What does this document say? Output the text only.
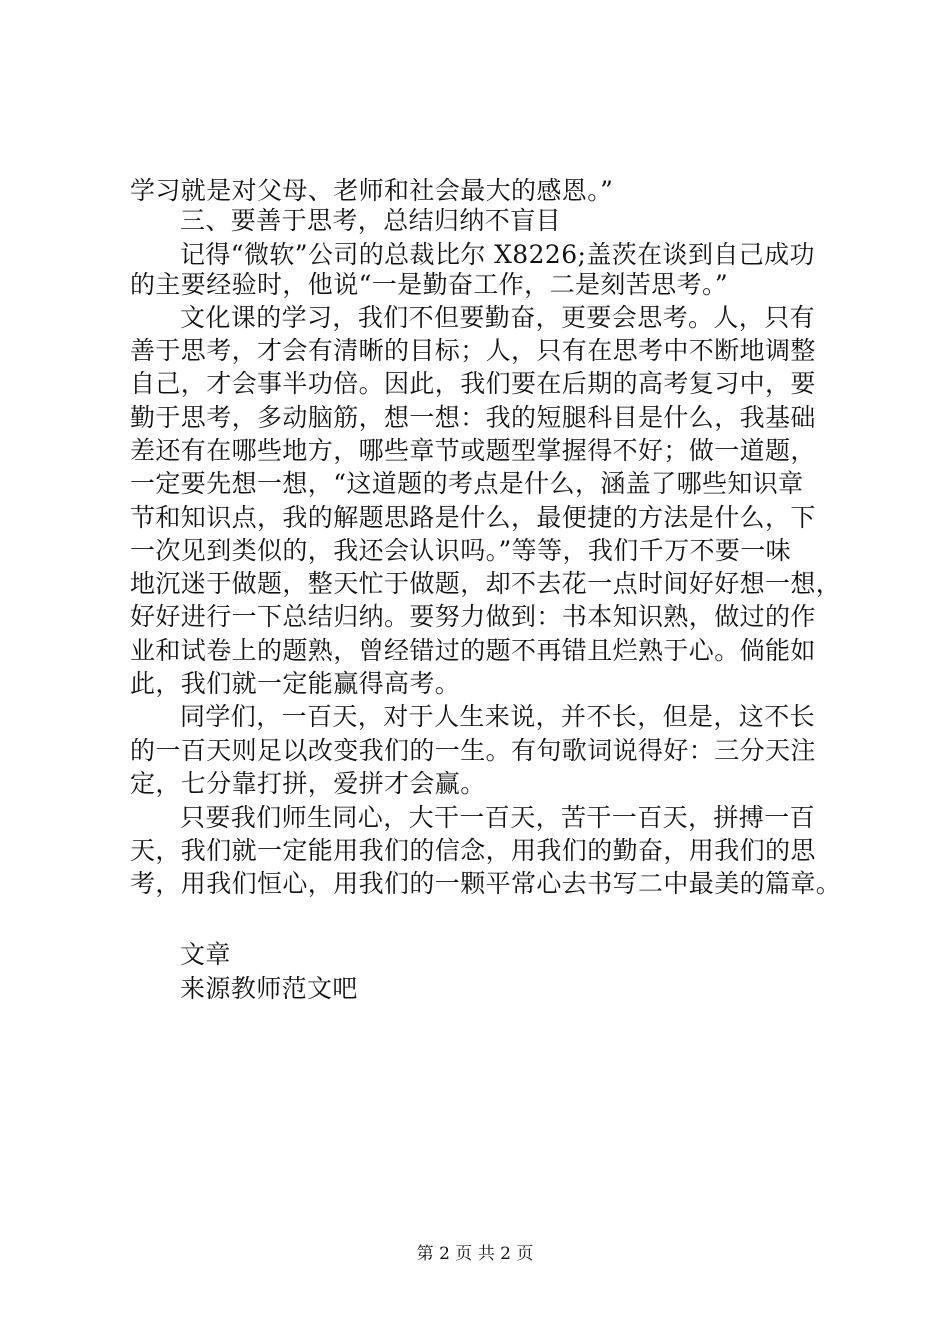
学习就是对父母、老师和社会最大的感恩。”
三、要善于思考，总结归纳不盲目
记得“微软”公司的总裁比尔 X8226;盖茨在谈到自己成功
的主要经验时，他说“一是勤奋工作，二是刻苦思考。”
文化课的学习，我们不但要勤奋，更要会思考。人，只有
善于思考，才会有清晰的目标；人，只有在思考中不断地调整
自己，才会事半功倍。因此，我们要在后期的高考复习中，要
勤于思考，多动脑筋，想一想：我的短腿科目是什么，我基础
差还有在哪些地方，哪些章节或题型掌握得不好；做一道题，
一定要先想一想，“这道题的考点是什么，涵盖了哪些知识章
节和知识点，我的解题思路是什么，最便捷的方法是什么，下
一次见到类似的，我还会认识吗。”等等，我们千万不要一味
地沉迷于做题，整天忙于做题，却不去花一点时间好好想一想，
好好进行一下总结归纳。要努力做到：书本知识熟，做过的作
业和试卷上的题熟，曾经错过的题不再错且烂熟于心。倘能如
此，我们就一定能赢得高考。
同学们，一百天，对于人生来说，并不长，但是，这不长
的一百天则足以改变我们的一生。有句歌词说得好：三分天注
定，七分靠打拼，爱拼才会赢。
只要我们师生同心，大干一百天，苦干一百天，拼搏一百
天，我们就一定能用我们的信念，用我们的勤奋，用我们的思
考，用我们恒心，用我们的一颗平常心去书写二中最美的篇章。
文章
来源教师范文吧
第 2 页 共 2 页
